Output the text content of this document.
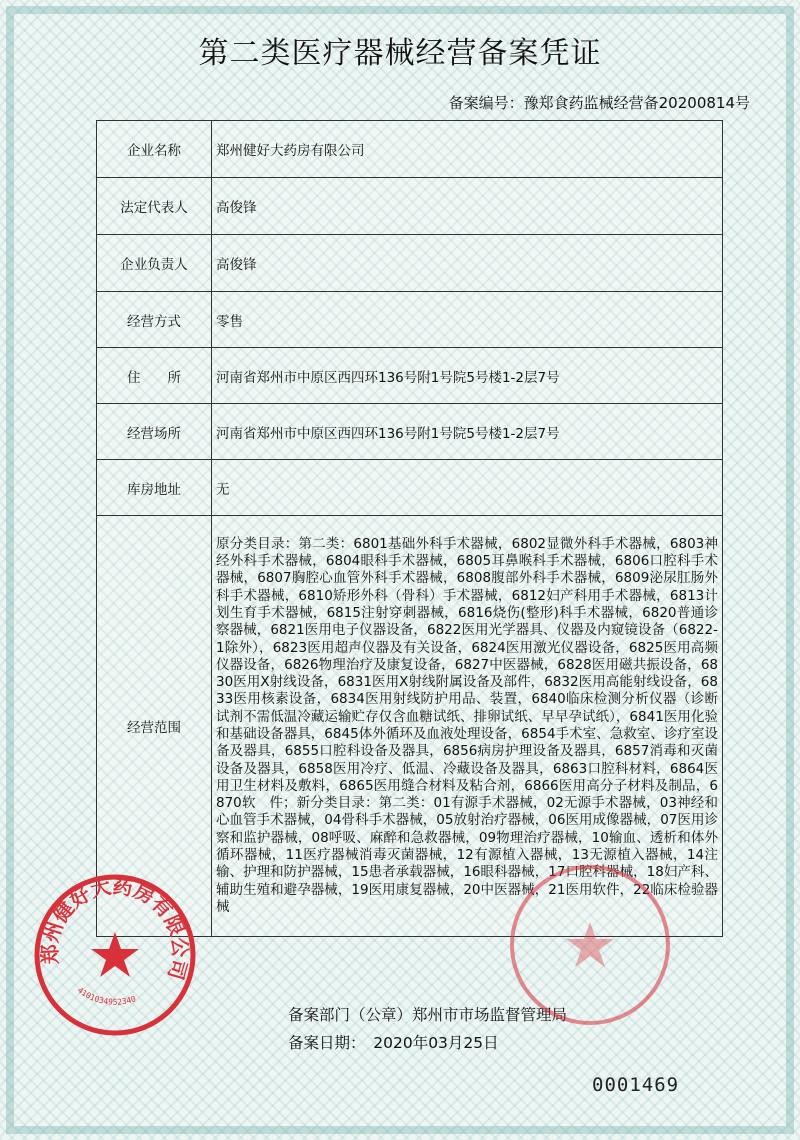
第二类医疗器械经营备案凭证
备案编号：豫郑食药监械经营备20200814号
企业名称	郑州健好大药房有限公司
法定代表人	高俊锋
企业负责人	高俊锋
经营方式	零售
住　　所	河南省郑州市中原区西四环136号附1号院5号楼1-2层7号
经营场所	河南省郑州市中原区西四环136号附1号院5号楼1-2层7号
库房地址	无
经营范围	原分类目录：第二类：6801基础外科手术器械，6802显微外科手术器械，6803神经外科手术器械，6804眼科手术器械，6805耳鼻喉科手术器械，6806口腔科手术器械，6807胸腔心血管外科手术器械，6808腹部外科手术器械，6809泌尿肛肠外科手术器械，6810矫形外科（骨科）手术器械，6812妇产科用手术器械，6813计划生育手术器械，6815注射穿刺器械，6816烧伤(整形)科手术器械，6820普通诊察器械，6821医用电子仪器设备，6822医用光学器具、仪器及内窥镜设备（6822-1除外），6823医用超声仪器及有关设备，6824医用激光仪器设备，6825医用高频仪器设备，6826物理治疗及康复设备，6827中医器械，6828医用磁共振设备，6830医用X射线设备，6831医用X射线附属设备及部件，6832医用高能射线设备，6833医用核素设备，6834医用射线防护用品、装置，6840临床检测分析仪器（诊断试剂不需低温冷藏运输贮存仅含血糖试纸、排卵试纸、早早孕试纸），6841医用化验和基础设备器具，6845体外循环及血液处理设备，6854手术室、急救室、诊疗室设备及器具，6855口腔科设备及器具，6856病房护理设备及器具，6857消毒和灭菌设备及器具，6858医用冷疗、低温、冷藏设备及器具，6863口腔科材料，6864医用卫生材料及敷料，6865医用缝合材料及粘合剂，6866医用高分子材料及制品，6870软　件；新分类目录：第二类：01有源手术器械，02无源手术器械，03神经和心血管手术器械，04骨科手术器械，05放射治疗器械，06医用成像器械，07医用诊察和监护器械，08呼吸、麻醉和急救器械，09物理治疗器械，10输血、透析和体外循环器械，11医疗器械消毒灭菌器械，12有源植入器械，13无源植入器械，14注输、护理和防护器械，15患者承载器械，16眼科器械，17口腔科器械，18妇产科、辅助生殖和避孕器械，19医用康复器械，20中医器械，21医用软件，22临床检验器械
备案部门（公章）郑州市市场监督管理局
备案日期：　2020年03月25日
0001469
郑州健好大药房有限公司
4101034952340
